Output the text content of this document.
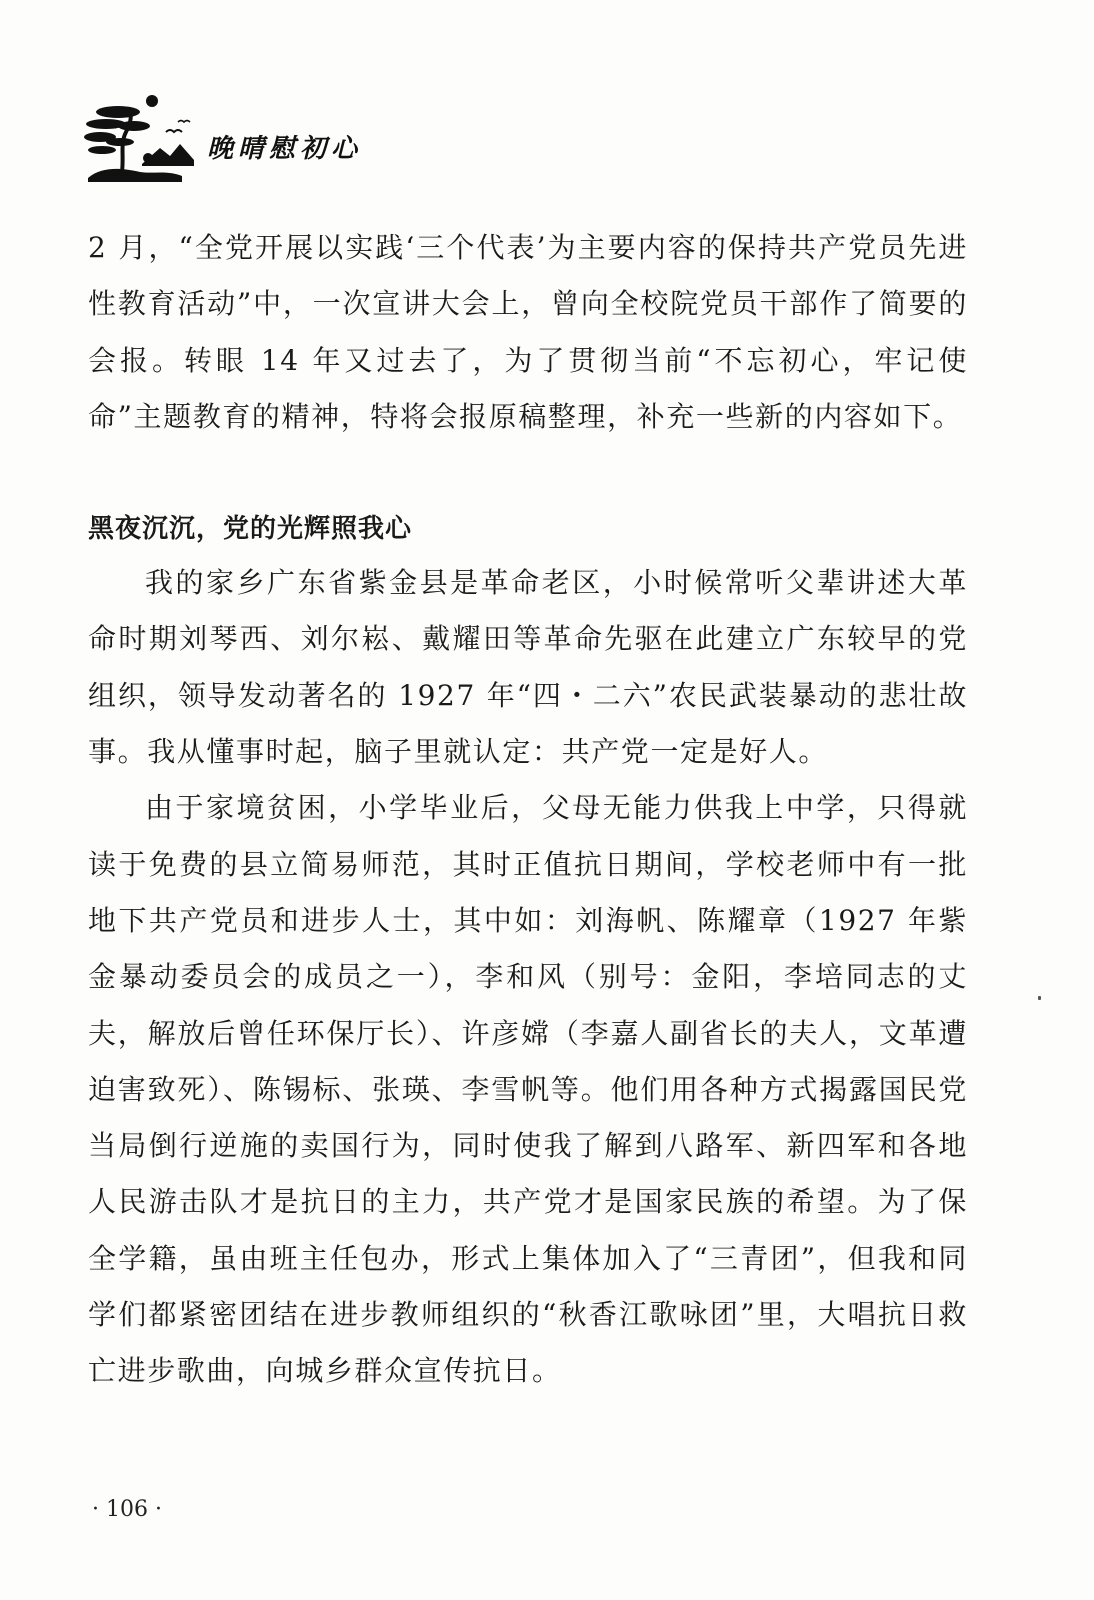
晚晴慰初心

2 月，“全党开展以实践‘三个代表’为主要内容的保持共产党员先进性教育活动”中，一次宣讲大会上，曾向全校院党员干部作了简要的会报。转眼 14 年又过去了，为了贯彻当前“不忘初心，牢记使命”主题教育的精神，特将会报原稿整理，补充一些新的内容如下。

黑夜沉沉，党的光辉照我心

我的家乡广东省紫金县是革命老区，小时候常听父辈讲述大革命时期刘琴西、刘尔崧、戴耀田等革命先驱在此建立广东较早的党组织，领导发动著名的 1927 年“四・二六”农民武装暴动的悲壮故事。我从懂事时起，脑子里就认定：共产党一定是好人。

由于家境贫困，小学毕业后，父母无能力供我上中学，只得就读于免费的县立简易师范，其时正值抗日期间，学校老师中有一批地下共产党员和进步人士，其中如：刘海帆、陈耀章（1927 年紫金暴动委员会的成员之一），李和风（别号：金阳，李培同志的丈夫，解放后曾任环保厅长）、许彦嫦（李嘉人副省长的夫人，文革遭迫害致死）、陈锡标、张瑛、李雪帆等。他们用各种方式揭露国民党当局倒行逆施的卖国行为，同时使我了解到八路军、新四军和各地人民游击队才是抗日的主力，共产党才是国家民族的希望。为了保全学籍，虽由班主任包办，形式上集体加入了“三青团”，但我和同学们都紧密团结在进步教师组织的“秋香江歌咏团”里，大唱抗日救亡进步歌曲，向城乡群众宣传抗日。

· 106 ·
